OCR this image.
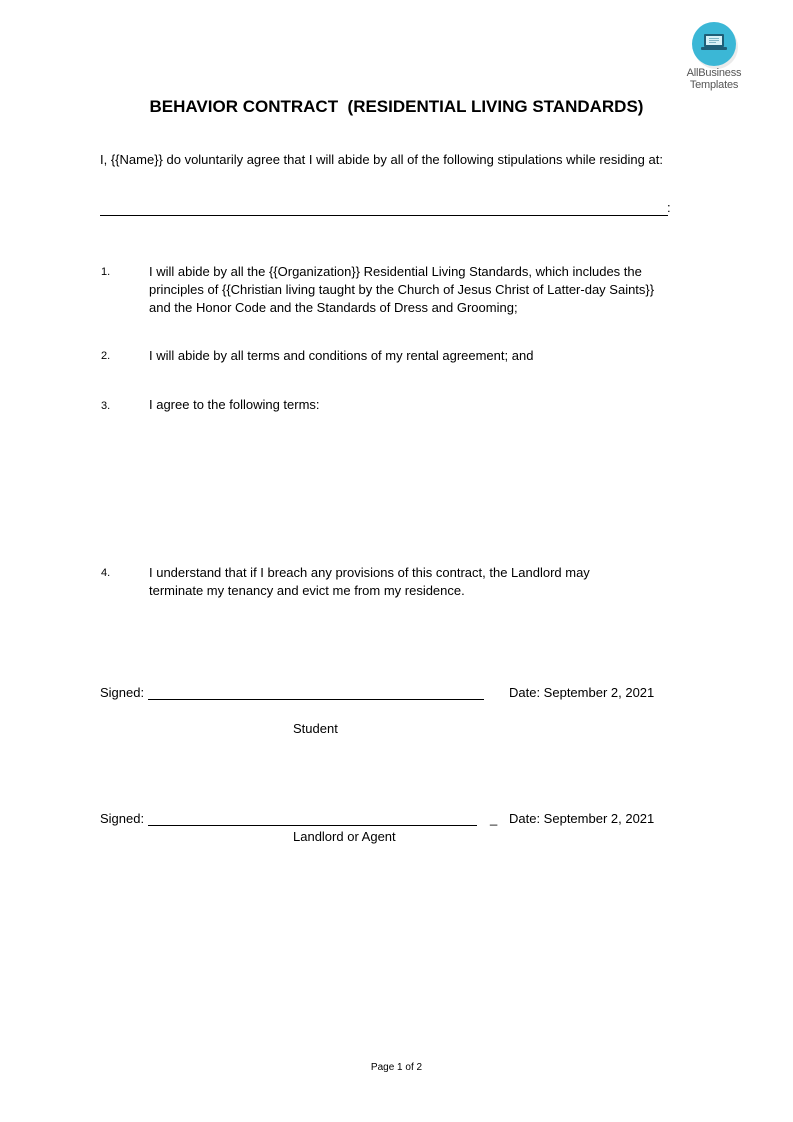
AllBusiness
Templates
BEHAVIOR CONTRACT  (RESIDENTIAL LIVING STANDARDS)
I, {{Name}} do voluntarily agree that I will abide by all of the following stipulations while residing at:
:
1.	I will abide by all the {{Organization}} Residential Living Standards, which includes the
principles of {{Christian living taught by the Church of Jesus Christ of Latter-day Saints}}
and the Honor Code and the Standards of Dress and Grooming;
2.	I will abide by all terms and conditions of my rental agreement; and
3.	I agree to the following terms:
4.	I understand that if I breach any provisions of this contract, the Landlord may
terminate my tenancy and evict me from my residence.
Signed:	Date: September 2, 2021
Student
Signed:	_ Date: September 2, 2021
Landlord or Agent
Page 1 of 2
